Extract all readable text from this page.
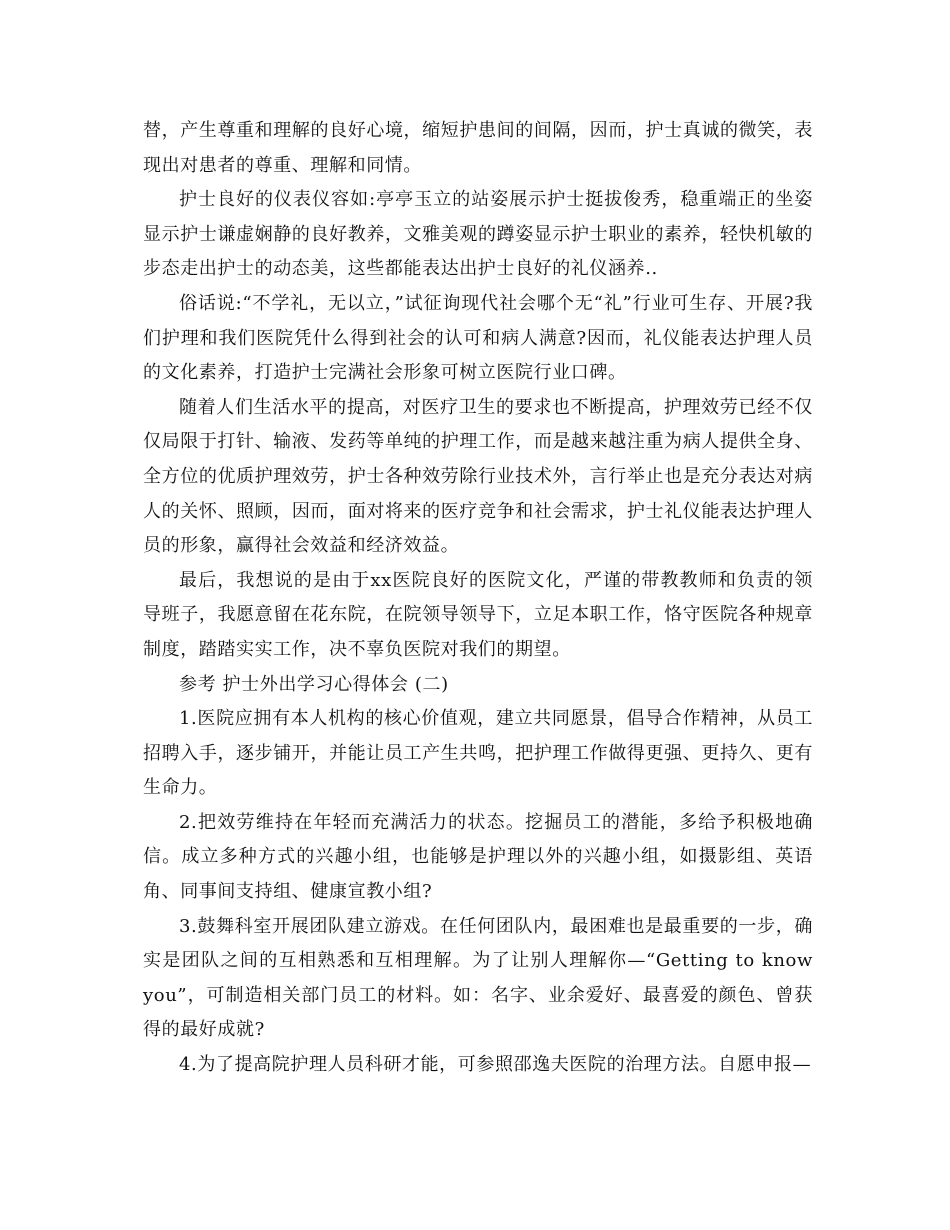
替，产生尊重和理解的良好心境，缩短护患间的间隔，因而，护士真诚的微笑，表现出对患者的尊重、理解和同情。

护士良好的仪表仪容如:亭亭玉立的站姿展示护士挺拔俊秀，稳重端正的坐姿显示护士谦虚娴静的良好教养，文雅美观的蹲姿显示护士职业的素养，轻快机敏的步态走出护士的动态美，这些都能表达出护士良好的礼仪涵养..

俗话说:“不学礼，无以立，”试征询现代社会哪个无“礼”行业可生存、开展?我们护理和我们医院凭什么得到社会的认可和病人满意?因而，礼仪能表达护理人员的文化素养，打造护士完满社会形象可树立医院行业口碑。

随着人们生活水平的提高，对医疗卫生的要求也不断提高，护理效劳已经不仅仅局限于打针、输液、发药等单纯的护理工作，而是越来越注重为病人提供全身、全方位的优质护理效劳，护士各种效劳除行业技术外，言行举止也是充分表达对病人的关怀、照顾，因而，面对将来的医疗竞争和社会需求，护士礼仪能表达护理人员的形象，赢得社会效益和经济效益。

最后，我想说的是由于xx医院良好的医院文化，严谨的带教教师和负责的领导班子，我愿意留在花东院，在院领导领导下，立足本职工作，恪守医院各种规章制度，踏踏实实工作，决不辜负医院对我们的期望。

参考 护士外出学习心得体会 (二)

1.医院应拥有本人机构的核心价值观，建立共同愿景，倡导合作精神，从员工招聘入手，逐步铺开，并能让员工产生共鸣，把护理工作做得更强、更持久、更有生命力。

2.把效劳维持在年轻而充满活力的状态。挖掘员工的潜能，多给予积极地确信。成立多种方式的兴趣小组，也能够是护理以外的兴趣小组，如摄影组、英语角、同事间支持组、健康宣教小组?

3.鼓舞科室开展团队建立游戏。在任何团队内，最困难也是最重要的一步，确实是团队之间的互相熟悉和互相理解。为了让别人理解你—“Getting to know you”，可制造相关部门员工的材料。如：名字、业余爱好、最喜爱的颜色、曾获得的最好成就?

4.为了提高院护理人员科研才能，可参照邵逸夫医院的治理方法。自愿申报—
